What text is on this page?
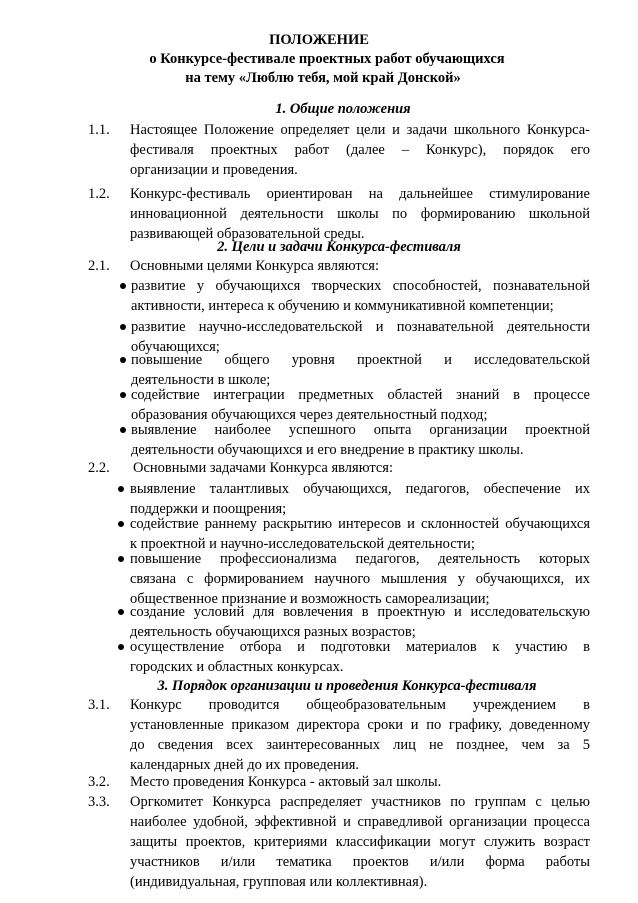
ПОЛОЖЕНИЕ
о Конкурсе-фестивале проектных работ обучающихся
на тему «Люблю тебя, мой край Донской»
1. Общие положения
1.1. Настоящее Положение определяет цели и задачи школьного Конкурса-
фестиваля проектных работ (далее – Конкурс), порядок его
организации и проведения.
1.2. Конкурс-фестиваль ориентирован на дальнейшее стимулирование
инновационной деятельности школы по формированию школьной
развивающей образовательной среды.
2. Цели и задачи Конкурса-фестиваля
2.1. Основными целями Конкурса являются:
развитие у обучающихся творческих способностей, познавательной
активности, интереса к обучению и коммуникативной компетенции;
развитие научно-исследовательской и познавательной деятельности
обучающихся;
повышение общего уровня проектной и исследовательской
деятельности в школе;
содействие интеграции предметных областей знаний в процессе
образования обучающихся через деятельностный подход;
выявление наиболее успешного опыта организации проектной
деятельности обучающихся и его внедрение в практику школы.
2.2. Основными задачами Конкурса являются:
выявление талантливых обучающихся, педагогов, обеспечение их
поддержки и поощрения;
содействие раннему раскрытию интересов и склонностей обучающихся
к проектной и научно-исследовательской деятельности;
повышение профессионализма педагогов, деятельность которых
связана с формированием научного мышления у обучающихся, их
общественное признание и возможность самореализации;
создание условий для вовлечения в проектную и исследовательскую
деятельность обучающихся разных возрастов;
осуществление отбора и подготовки материалов к участию в
городских и областных конкурсах.
3. Порядок организации и проведения Конкурса-фестиваля
3.1. Конкурс проводится общеобразовательным учреждением в
установленные приказом директора сроки и по графику, доведенному
до сведения всех заинтересованных лиц не позднее, чем за 5
календарных дней до их проведения.
3.2. Место проведения Конкурса - актовый зал школы.
3.3. Оргкомитет Конкурса распределяет участников по группам с целью
наиболее удобной, эффективной и справедливой организации процесса
защиты проектов, критериями классификации могут служить возраст
участников и/или тематика проектов и/или форма работы
(индивидуальная, групповая или коллективная).
